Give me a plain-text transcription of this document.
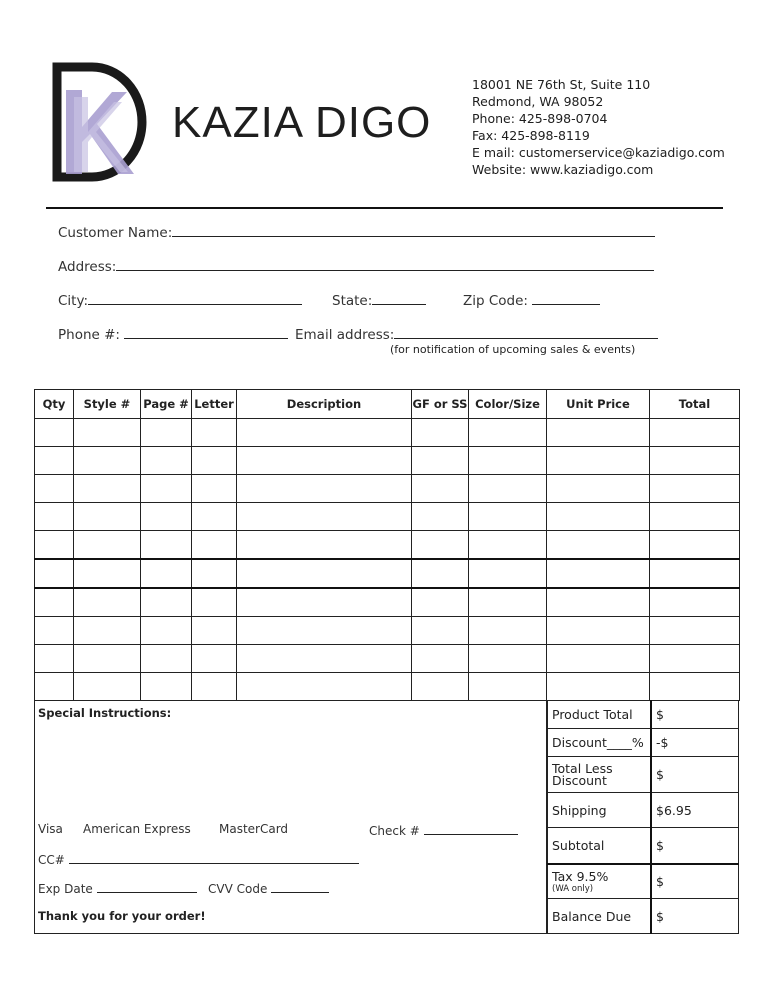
KAZIA DIGO
18001 NE 76th St, Suite 110
Redmond, WA 98052
Phone: 425-898-0704
Fax: 425-898-8119
E mail: customerservice@kaziadigo.com
Website: www.kaziadigo.com
Customer Name:
Address:
City:	State:	Zip Code:
Phone #:	Email address:
(for notification of upcoming sales & events)
Qty	Style #	Page #	Letter	Description	GF or SS	Color/Size	Unit Price	Total

Special Instructions:
Visa American Express MasterCard	Check #
CC#
Exp Date	CVV Code
Thank you for your order!
Product Total	$
Discount____%	-$
Total Less Discount	$
Shipping	$6.95
Subtotal	$

Tax 9.5%
(WA only)	$
Balance Due	$
